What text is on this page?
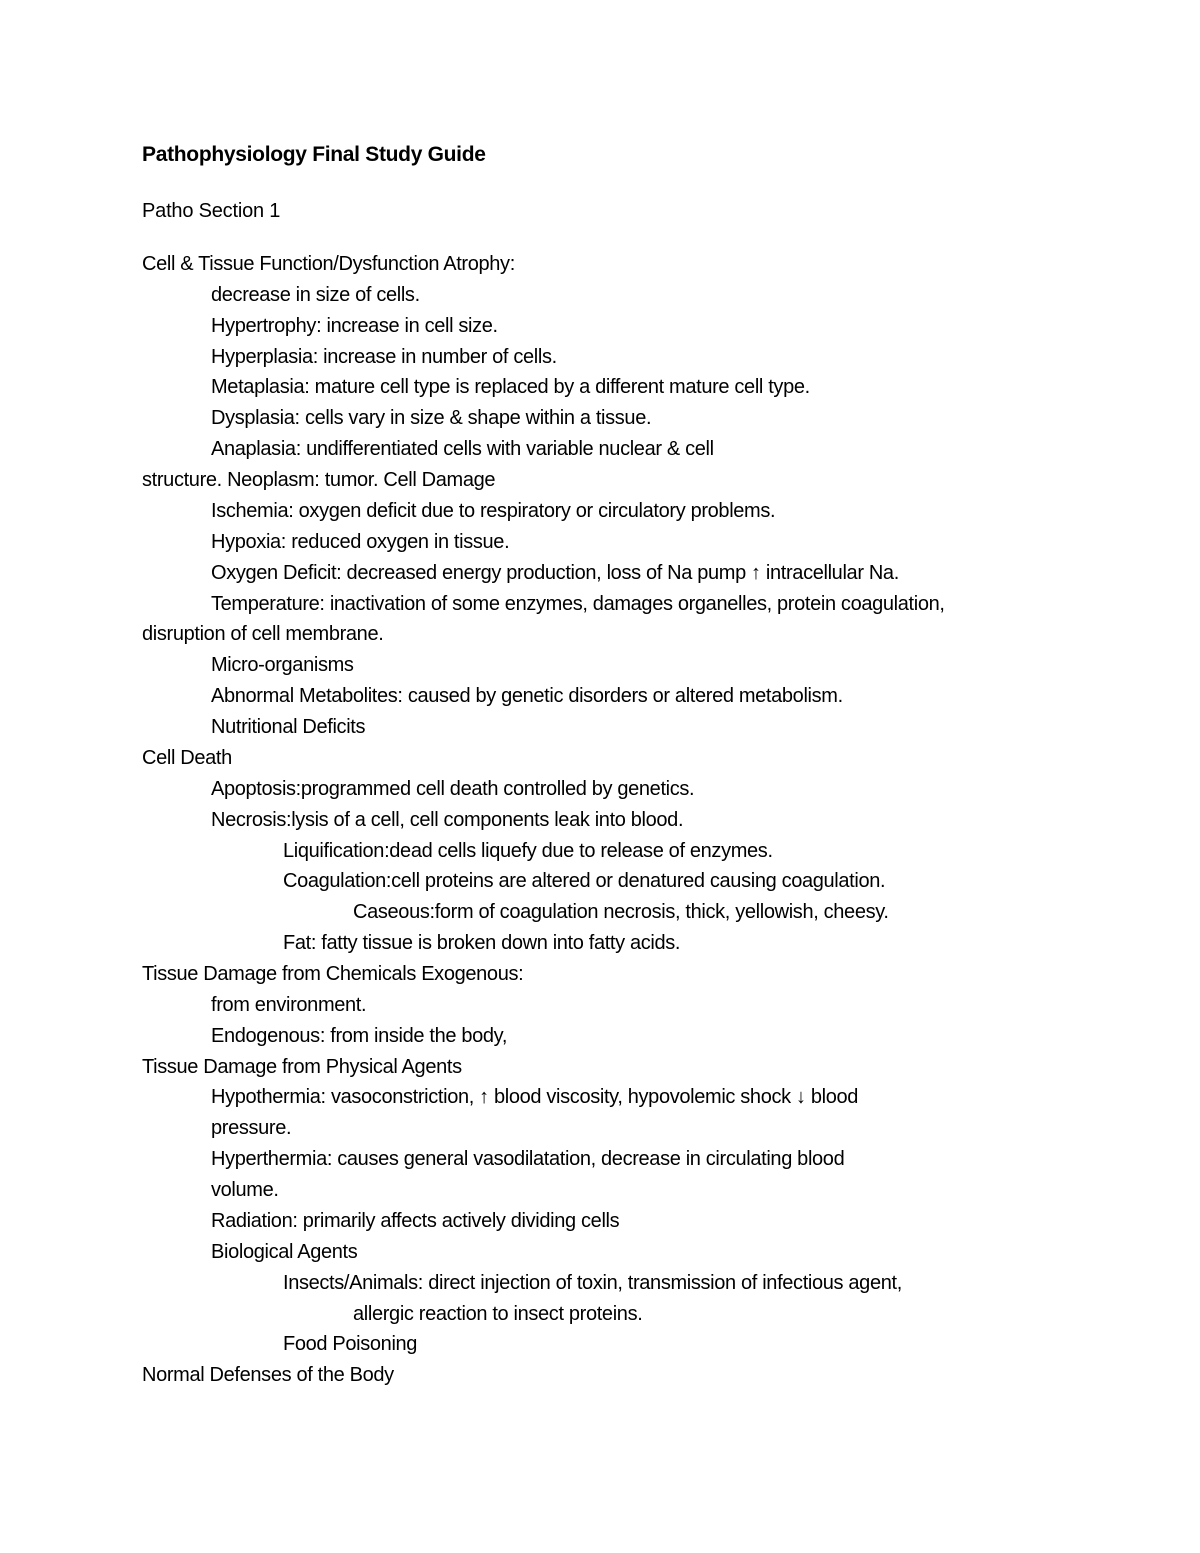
Pathophysiology Final Study Guide
Patho Section 1
Cell & Tissue Function/Dysfunction Atrophy:
decrease in size of cells.
Hypertrophy: increase in cell size.
Hyperplasia: increase in number of cells.
Metaplasia: mature cell type is replaced by a different mature cell type.
Dysplasia: cells vary in size & shape within a tissue.
Anaplasia: undifferentiated cells with variable nuclear & cell
structure. Neoplasm: tumor. Cell Damage
Ischemia: oxygen deficit due to respiratory or circulatory problems.
Hypoxia: reduced oxygen in tissue.
Oxygen Deficit: decreased energy production, loss of Na pump ↑ intracellular Na.
Temperature: inactivation of some enzymes, damages organelles, protein coagulation,
disruption of cell membrane.
Micro-organisms
Abnormal Metabolites: caused by genetic disorders or altered metabolism.
Nutritional Deficits
Cell Death
Apoptosis:programmed cell death controlled by genetics.
Necrosis:lysis of a cell, cell components leak into blood.
Liquification:dead cells liquefy due to release of enzymes.
Coagulation:cell proteins are altered or denatured causing coagulation.
Caseous:form of coagulation necrosis, thick, yellowish, cheesy.
Fat: fatty tissue is broken down into fatty acids.
Tissue Damage from Chemicals Exogenous:
from environment.
Endogenous: from inside the body,
Tissue Damage from Physical Agents
Hypothermia: vasoconstriction, ↑ blood viscosity, hypovolemic shock ↓ blood
pressure.
Hyperthermia: causes general vasodilatation, decrease in circulating blood
volume.
Radiation: primarily affects actively dividing cells
Biological Agents
Insects/Animals: direct injection of toxin, transmission of infectious agent,
allergic reaction to insect proteins.
Food Poisoning
Normal Defenses of the Body
